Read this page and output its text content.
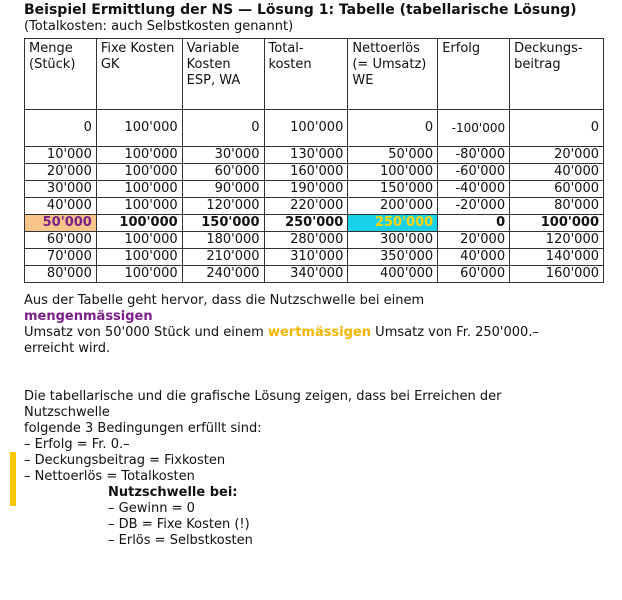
Beispiel Ermittlung der NS — Lösung 1: Tabelle (tabellarische Lösung)
(Totalkosten: auch Selbstkosten genannt)
Menge (Stück)	Fixe Kosten GK	Variable Kosten ESP, WA	Total-kosten	Nettoerlös (= Umsatz) WE	Erfolg	Deckungs-beitrag
0	100'000	0	100'000	0	-100'000	0
10'000	100'000	30'000	130'000	50'000	-80'000	20'000
20'000	100'000	60'000	160'000	100'000	-60'000	40'000
30'000	100'000	90'000	190'000	150'000	-40'000	60'000
40'000	100'000	120'000	220'000	200'000	-20'000	80'000
50'000	100'000	150'000	250'000	250'000	0	100'000
60'000	100'000	180'000	280'000	300'000	20'000	120'000
70'000	100'000	210'000	310'000	350'000	40'000	140'000
80'000	100'000	240'000	340'000	400'000	60'000	160'000
Aus der Tabelle geht hervor, dass die Nutzschwelle bei einem
mengenmässigen
Umsatz von 50'000 Stück und einem wertmässigen Umsatz von Fr. 250'000.–
erreicht wird.
Die tabellarische und die grafische Lösung zeigen, dass bei Erreichen der
Nutzschwelle
folgende 3 Bedingungen erfüllt sind:
– Erfolg = Fr. 0.–
– Deckungsbeitrag = Fixkosten
– Nettoerlös = Totalkosten
Nutzschwelle bei:
– Gewinn = 0
– DB = Fixe Kosten (!)
– Erlös = Selbstkosten
